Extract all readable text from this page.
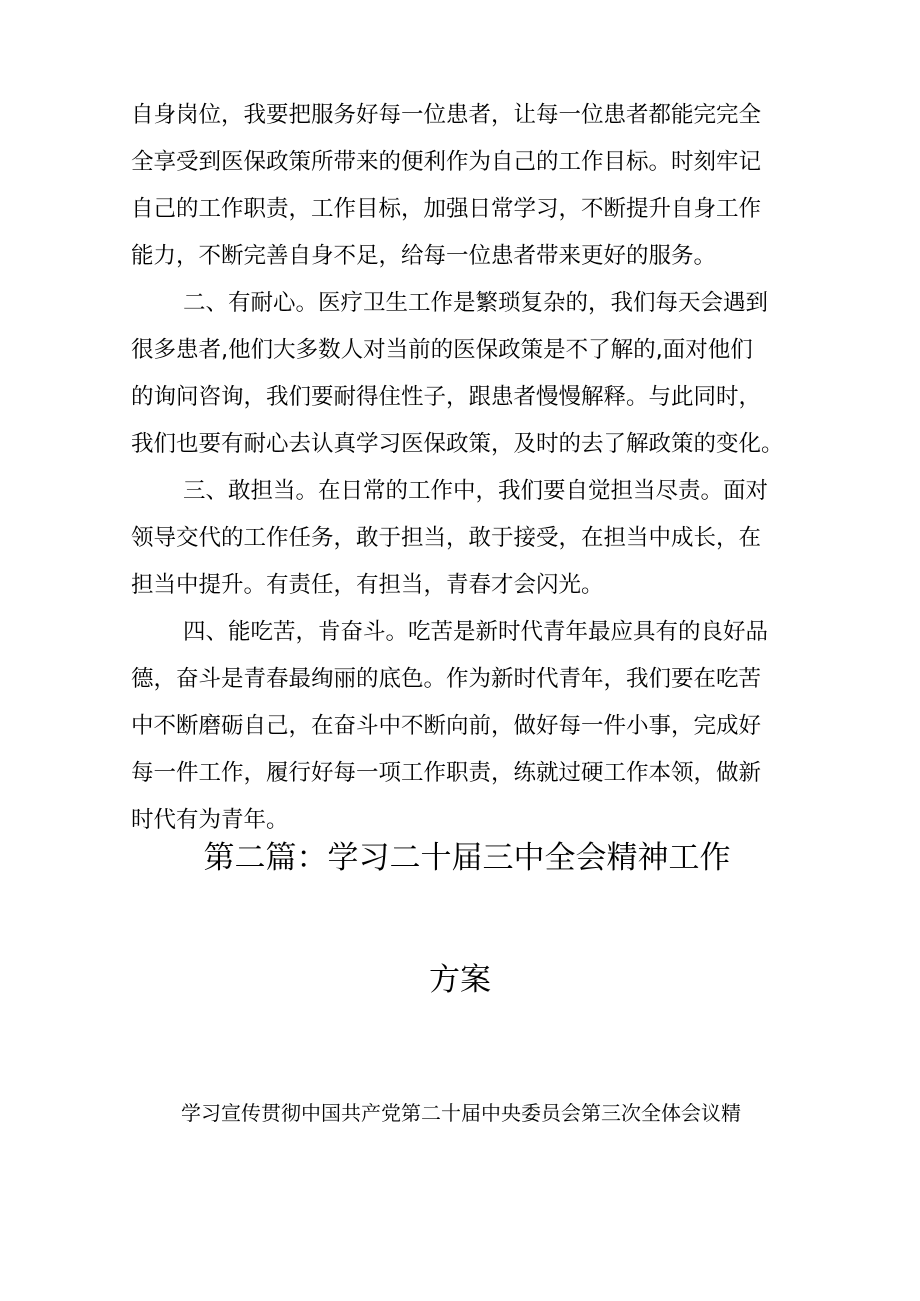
自身岗位，我要把服务好每一位患者，让每一位患者都能完完全
全享受到医保政策所带来的便利作为自己的工作目标。时刻牢记
自己的工作职责，工作目标，加强日常学习，不断提升自身工作
能力，不断完善自身不足，给每一位患者带来更好的服务。
二、有耐心。医疗卫生工作是繁琐复杂的，我们每天会遇到
很多患者,他们大多数人对当前的医保政策是不了解的,面对他们
的询问咨询，我们要耐得住性子，跟患者慢慢解释。与此同时，
我们也要有耐心去认真学习医保政策，及时的去了解政策的变化。
三、敢担当。在日常的工作中，我们要自觉担当尽责。面对
领导交代的工作任务，敢于担当，敢于接受，在担当中成长，在
担当中提升。有责任，有担当，青春才会闪光。
四、能吃苦，肯奋斗。吃苦是新时代青年最应具有的良好品
德，奋斗是青春最绚丽的底色。作为新时代青年，我们要在吃苦
中不断磨砺自己，在奋斗中不断向前，做好每一件小事，完成好
每一件工作，履行好每一项工作职责，练就过硬工作本领，做新
时代有为青年。
第二篇：学习二十届三中全会精神工作
方案
学习宣传贯彻中国共产党第二十届中央委员会第三次全体会议精
